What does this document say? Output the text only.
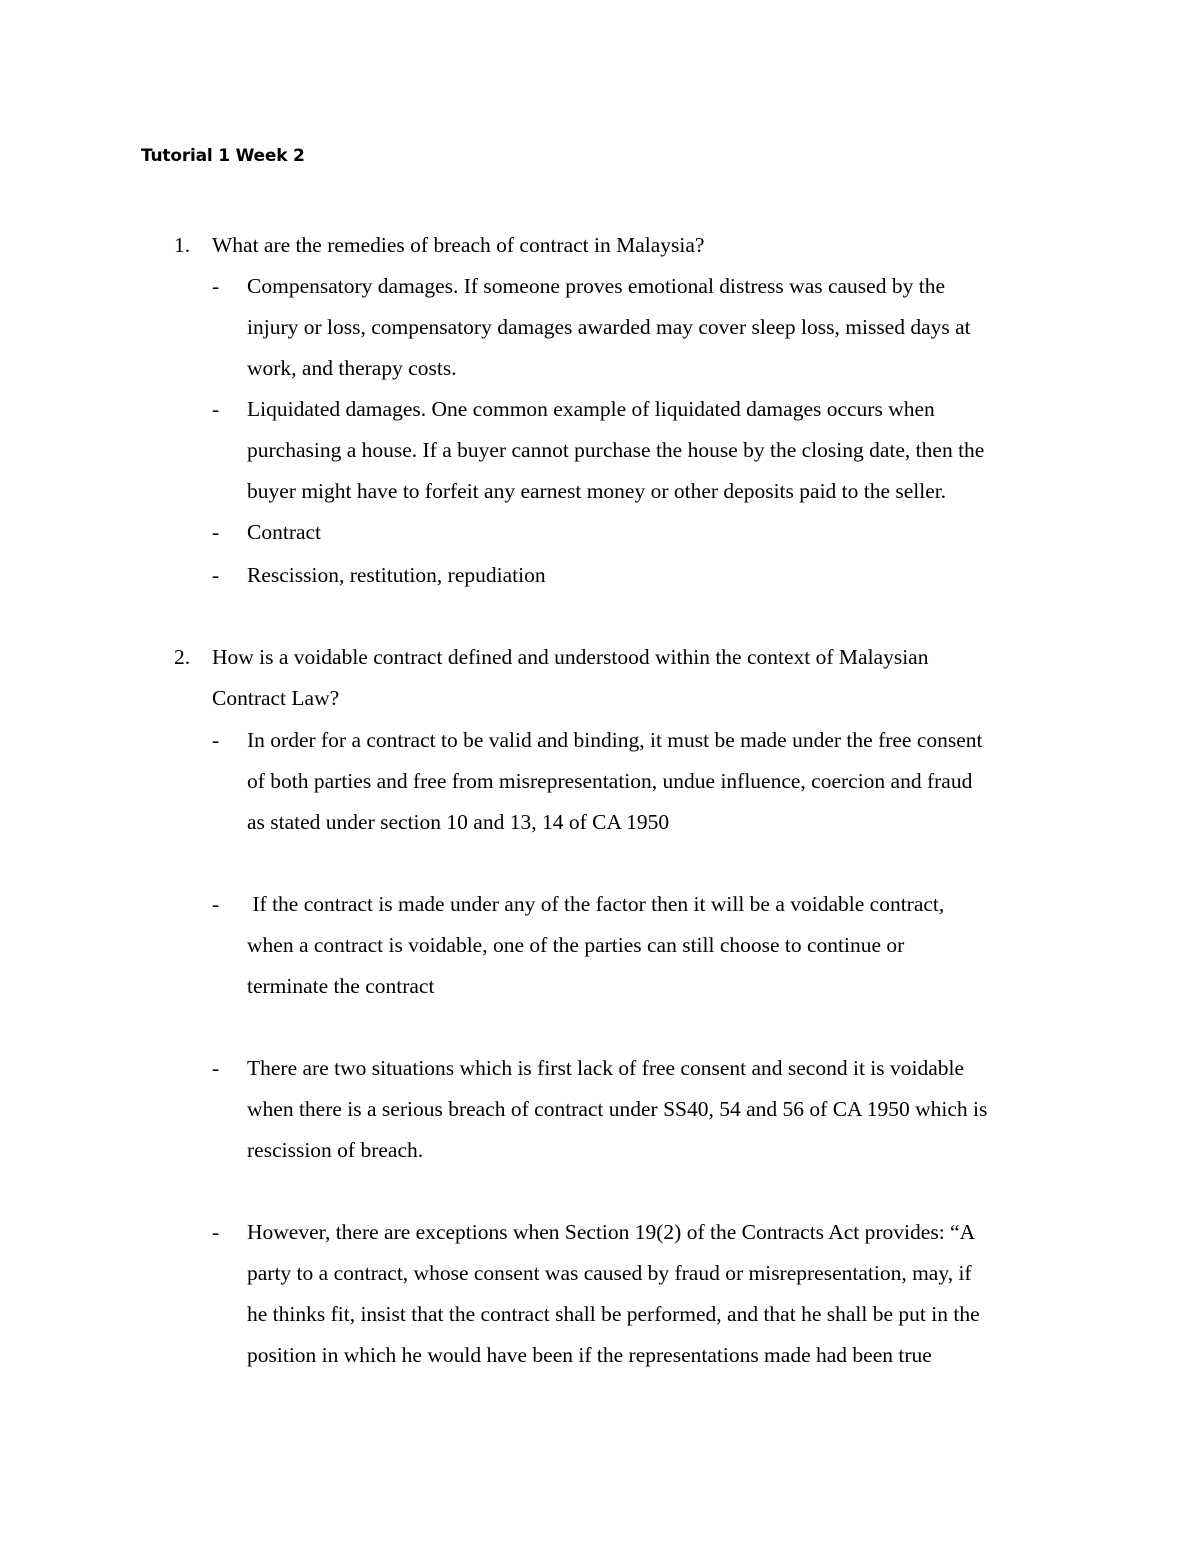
Tutorial 1 Week 2
1. What are the remedies of breach of contract in Malaysia?
- Compensatory damages. If someone proves emotional distress was caused by the
injury or loss, compensatory damages awarded may cover sleep loss, missed days at
work, and therapy costs.
- Liquidated damages. One common example of liquidated damages occurs when
purchasing a house. If a buyer cannot purchase the house by the closing date, then the
buyer might have to forfeit any earnest money or other deposits paid to the seller.
- Contract
- Rescission, restitution, repudiation
2. How is a voidable contract defined and understood within the context of Malaysian
Contract Law?
- In order for a contract to be valid and binding, it must be made under the free consent
of both parties and free from misrepresentation, undue influence, coercion and fraud
as stated under section 10 and 13, 14 of CA 1950
- If the contract is made under any of the factor then it will be a voidable contract,
when a contract is voidable, one of the parties can still choose to continue or
terminate the contract
- There are two situations which is first lack of free consent and second it is voidable
when there is a serious breach of contract under SS40, 54 and 56 of CA 1950 which is
rescission of breach.
- However, there are exceptions when Section 19(2) of the Contracts Act provides: “A
party to a contract, whose consent was caused by fraud or misrepresentation, may, if
he thinks fit, insist that the contract shall be performed, and that he shall be put in the
position in which he would have been if the representations made had been true
